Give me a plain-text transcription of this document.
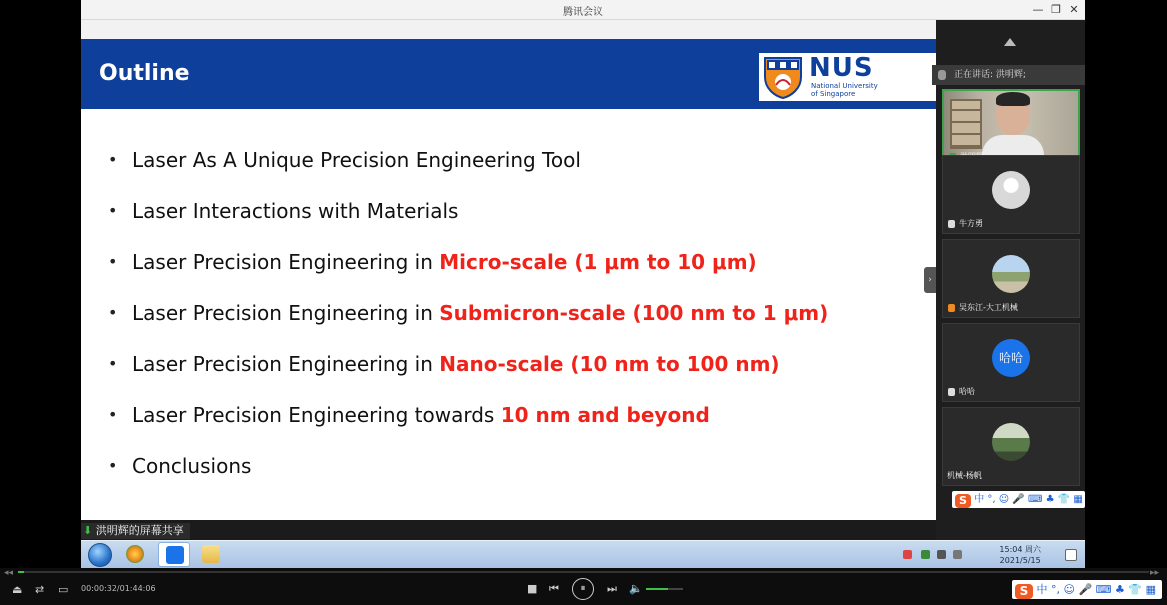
腾讯会议	— ❐ ✕
Outline	NUS
National University
of Singapore
• Laser As A Unique Precision Engineering Tool
• Laser Interactions with Materials
• Laser Precision Engineering in Micro-scale (1 μm to 10 μm)
• Laser Precision Engineering in Submicron-scale (100 nm to 1 μm)
• Laser Precision Engineering in Nano-scale (10 nm to 100 nm)
• Laser Precision Engineering towards 10 nm and beyond
• Conclusions
⬇ 洪明辉的屏幕共享
›
正在讲话: 洪明辉;
牛方勇
吴东江-大工机械
哈哈
哈哈
机械-杨帆
S 中 °, ☺ 🎤 ⌨ ♣ 👕 ▦
15:04 周六
2021/5/15
◂◂	▸▸
⏏ ⇄ ▭ 00:00:32/01:44:06	■ ⏮	⏸	⏭ 🔈	S 中 °, ☺ 🎤 ⌨ ♣ 👕 ▦
